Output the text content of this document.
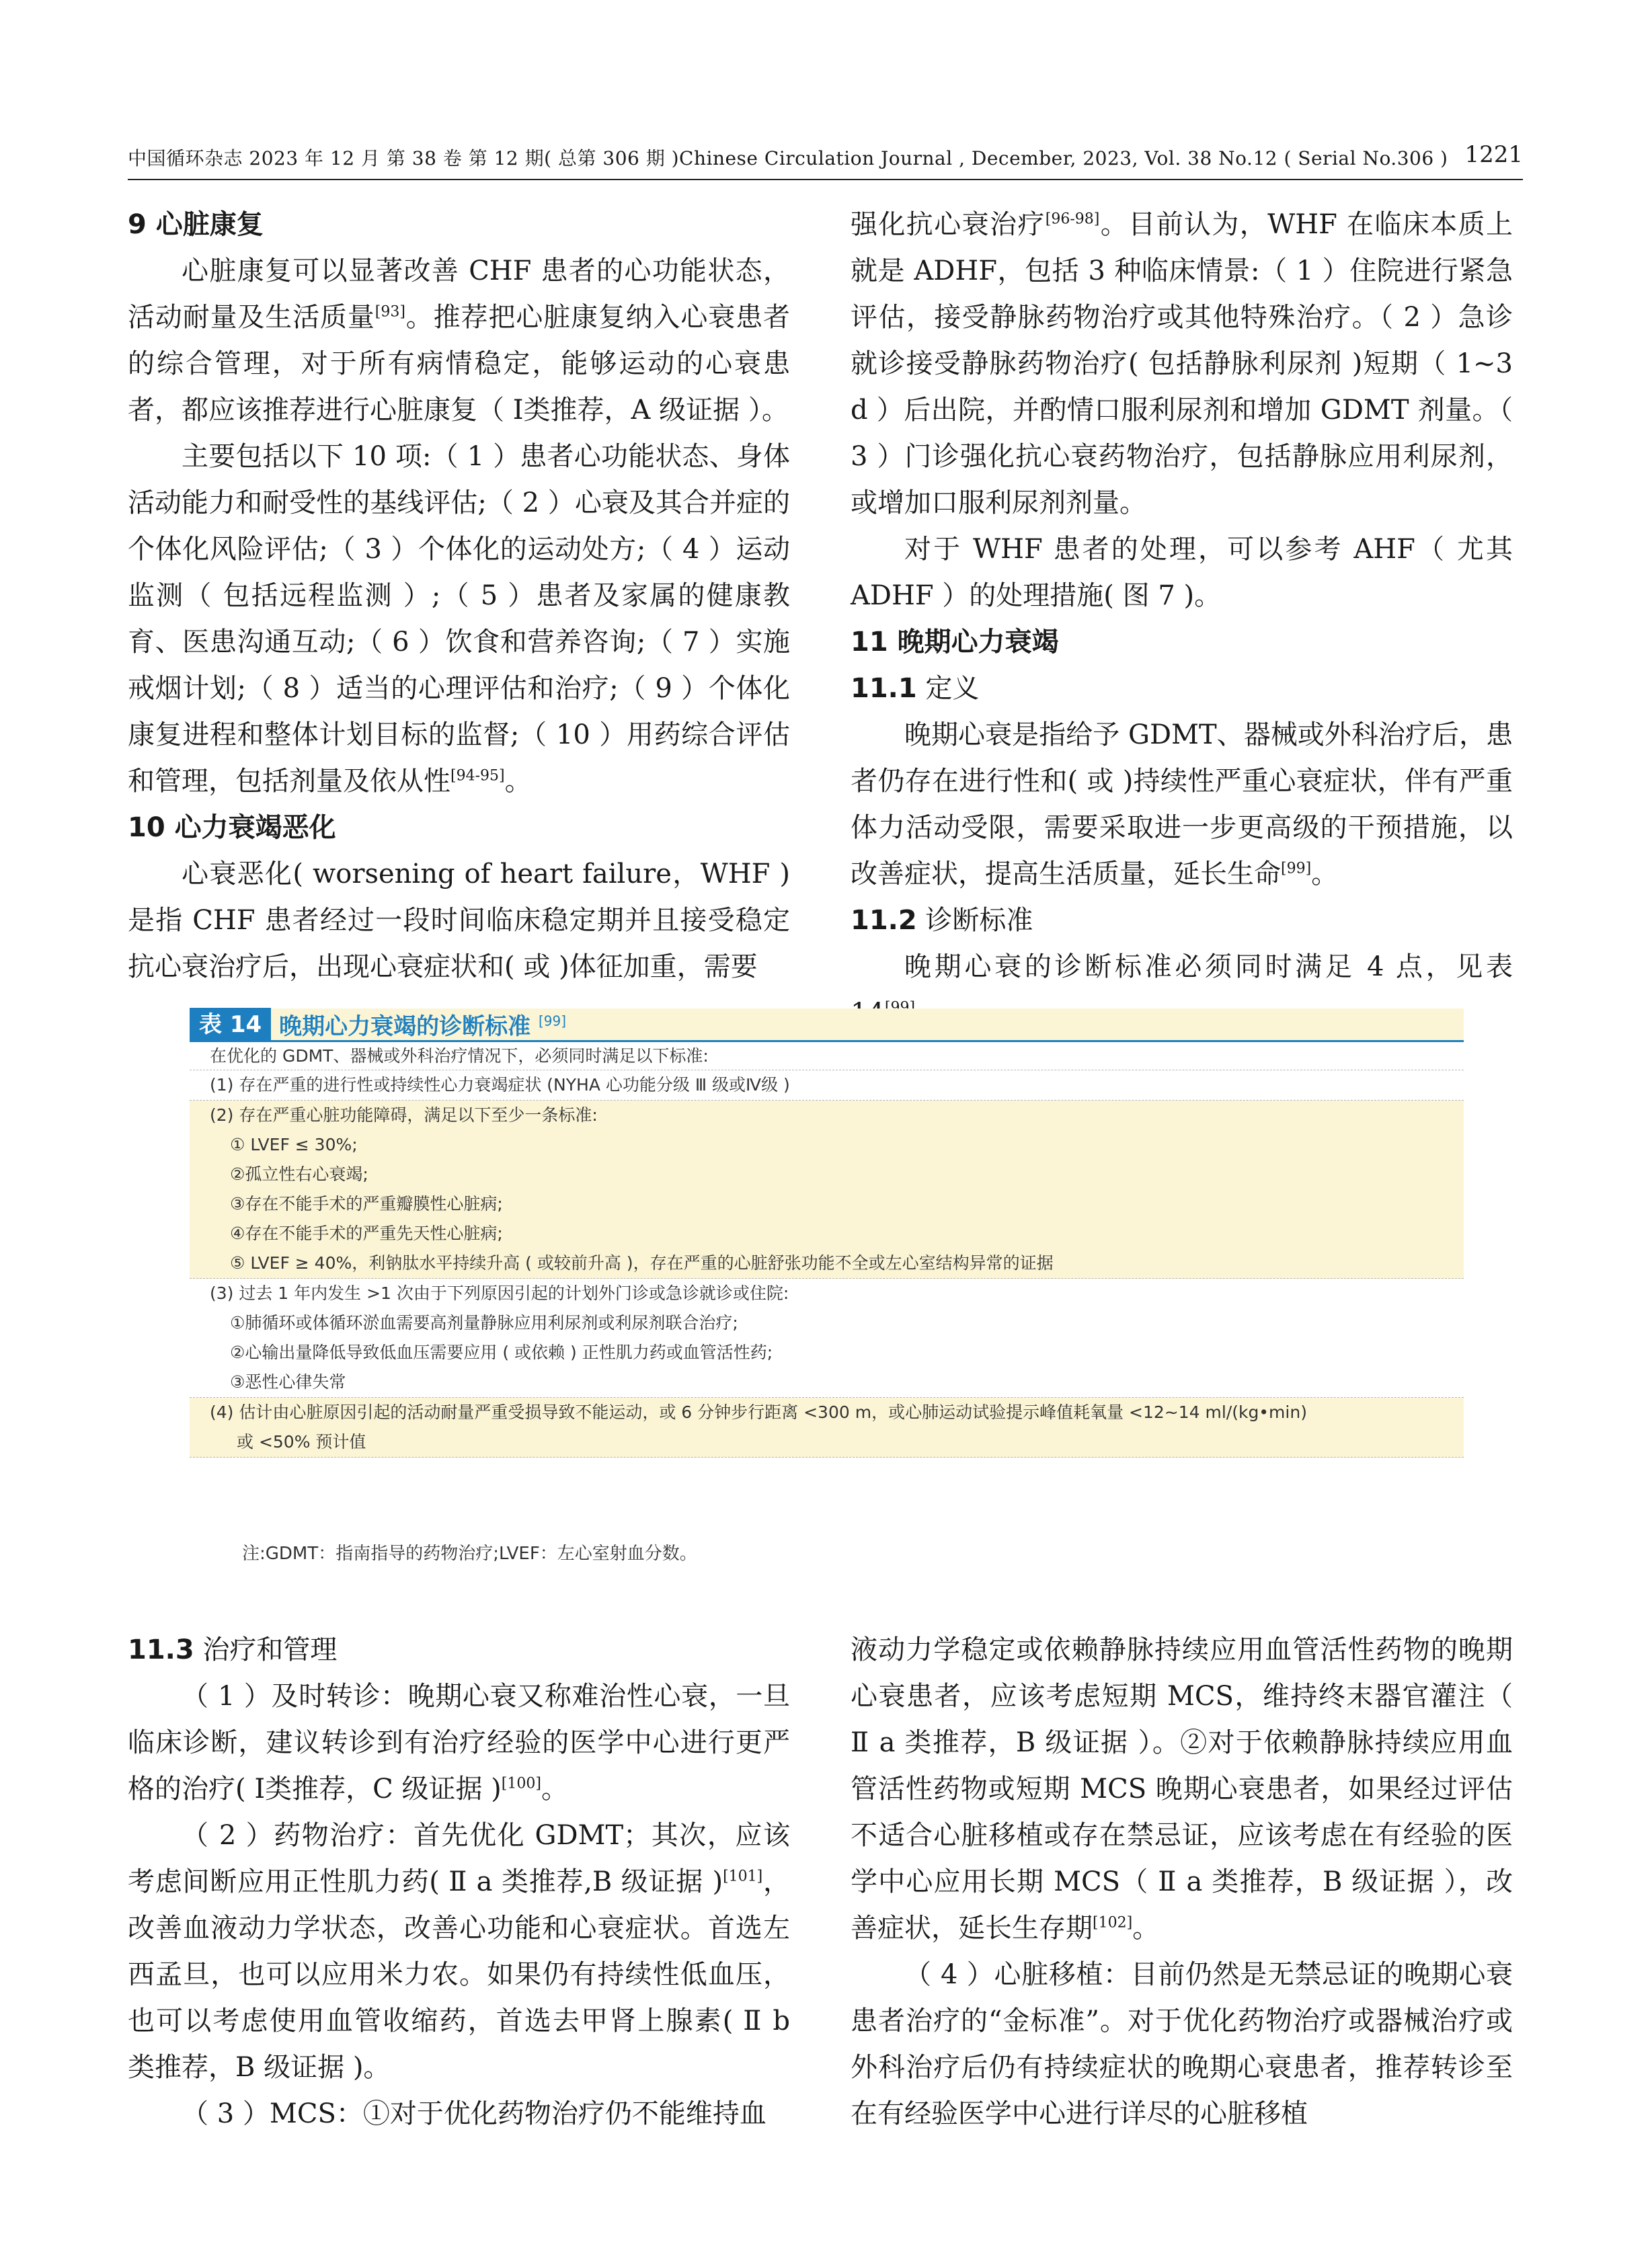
中国循环杂志 2023 年 12 月 第 38 卷 第 12 期( 总第 306 期 )Chinese Circulation Journal , December, 2023, Vol. 38 No.12 ( Serial No.306 ) 1221
9 心脏康复
心脏康复可以显著改善 CHF 患者的心功能状态，活动耐量及生活质量[93]。推荐把心脏康复纳入心衰患者的综合管理，对于所有病情稳定，能够运动的心衰患者，都应该推荐进行心脏康复（ Ⅰ类推荐，A 级证据 ）。
主要包括以下 10 项:（ 1 ）患者心功能状态、身体活动能力和耐受性的基线评估;（ 2 ）心衰及其合并症的个体化风险评估;（ 3 ）个体化的运动处方;（ 4 ）运动监测（ 包括远程监测 ）;（ 5 ）患者及家属的健康教育、医患沟通互动;（ 6 ）饮食和营养咨询;（ 7 ）实施戒烟计划;（ 8 ）适当的心理评估和治疗;（ 9 ）个体化康复进程和整体计划目标的监督;（ 10 ）用药综合评估和管理，包括剂量及依从性[94-95]。
10 心力衰竭恶化
心衰恶化( worsening of heart failure，WHF )是指 CHF 患者经过一段时间临床稳定期并且接受稳定抗心衰治疗后，出现心衰症状和( 或 )体征加重，需要
强化抗心衰治疗[96-98]。目前认为，WHF 在临床本质上就是 ADHF，包括 3 种临床情景:（ 1 ）住院进行紧急评估，接受静脉药物治疗或其他特殊治疗。（ 2 ）急诊就诊接受静脉药物治疗( 包括静脉利尿剂 )短期（ 1~3 d ）后出院，并酌情口服利尿剂和增加 GDMT 剂量。（ 3 ）门诊强化抗心衰药物治疗，包括静脉应用利尿剂，或增加口服利尿剂剂量。
对于 WHF 患者的处理，可以参考 AHF（ 尤其 ADHF ）的处理措施( 图 7 )。
11 晚期心力衰竭
11.1 定义
晚期心衰是指给予 GDMT、器械或外科治疗后，患者仍存在进行性和( 或 )持续性严重心衰症状，伴有严重体力活动受限，需要采取进一步更高级的干预措施，以改善症状，提高生活质量，延长生命[99]。
11.2 诊断标准
晚期心衰的诊断标准必须同时满足 4 点，见表
表 14 晚期心力衰竭的诊断标准 [99]
在优化的 GDMT、器械或外科治疗情况下，必须同时满足以下标准:
(1) 存在严重的进行性或持续性心力衰竭症状 (NYHA 心功能分级 Ⅲ 级或Ⅳ级 )
(2) 存在严重心脏功能障碍，满足以下至少一条标准:
① LVEF ≤ 30%;
②孤立性右心衰竭;
③存在不能手术的严重瓣膜性心脏病;
④存在不能手术的严重先天性心脏病;
⑤ LVEF ≥ 40%，利钠肽水平持续升高 ( 或较前升高 )，存在严重的心脏舒张功能不全或左心室结构异常的证据
(3) 过去 1 年内发生 >1 次由于下列原因引起的计划外门诊或急诊就诊或住院:
①肺循环或体循环淤血需要高剂量静脉应用利尿剂或利尿剂联合治疗;
②心输出量降低导致低血压需要应用 ( 或依赖 ) 正性肌力药或血管活性药;
③恶性心律失常
(4) 估计由心脏原因引起的活动耐量严重受损导致不能运动，或 6 分钟步行距离 <300 m，或心肺运动试验提示峰值耗氧量 <12~14 ml/(kg•min)
或 <50% 预计值
注:GDMT：指南指导的药物治疗;LVEF：左心室射血分数。
11.3 治疗和管理
（ 1 ）及时转诊：晚期心衰又称难治性心衰，一旦临床诊断，建议转诊到有治疗经验的医学中心进行更严格的治疗( Ⅰ类推荐，C 级证据 )[100]。
（ 2 ）药物治疗：首先优化 GDMT；其次，应该考虑间断应用正性肌力药( Ⅱ a 类推荐,B 级证据 )[101]，改善血液动力学状态，改善心功能和心衰症状。首选左西孟旦，也可以应用米力农。如果仍有持续性低血压，也可以考虑使用血管收缩药，首选去甲肾上腺素( Ⅱ b 类推荐，B 级证据 )。
（ 3 ）MCS：①对于优化药物治疗仍不能维持血
液动力学稳定或依赖静脉持续应用血管活性药物的晚期心衰患者，应该考虑短期 MCS，维持终末器官灌注（ Ⅱ a 类推荐，B 级证据 ）。②对于依赖静脉持续应用血管活性药物或短期 MCS 晚期心衰患者，如果经过评估不适合心脏移植或存在禁忌证，应该考虑在有经验的医学中心应用长期 MCS（ Ⅱ a 类推荐，B 级证据 ），改善症状，延长生存期[102]。
（ 4 ）心脏移植：目前仍然是无禁忌证的晚期心衰患者治疗的“金标准”。对于优化药物治疗或器械治疗或外科治疗后仍有持续症状的晚期心衰患者，推荐转诊至在有经验医学中心进行详尽的心脏移植
